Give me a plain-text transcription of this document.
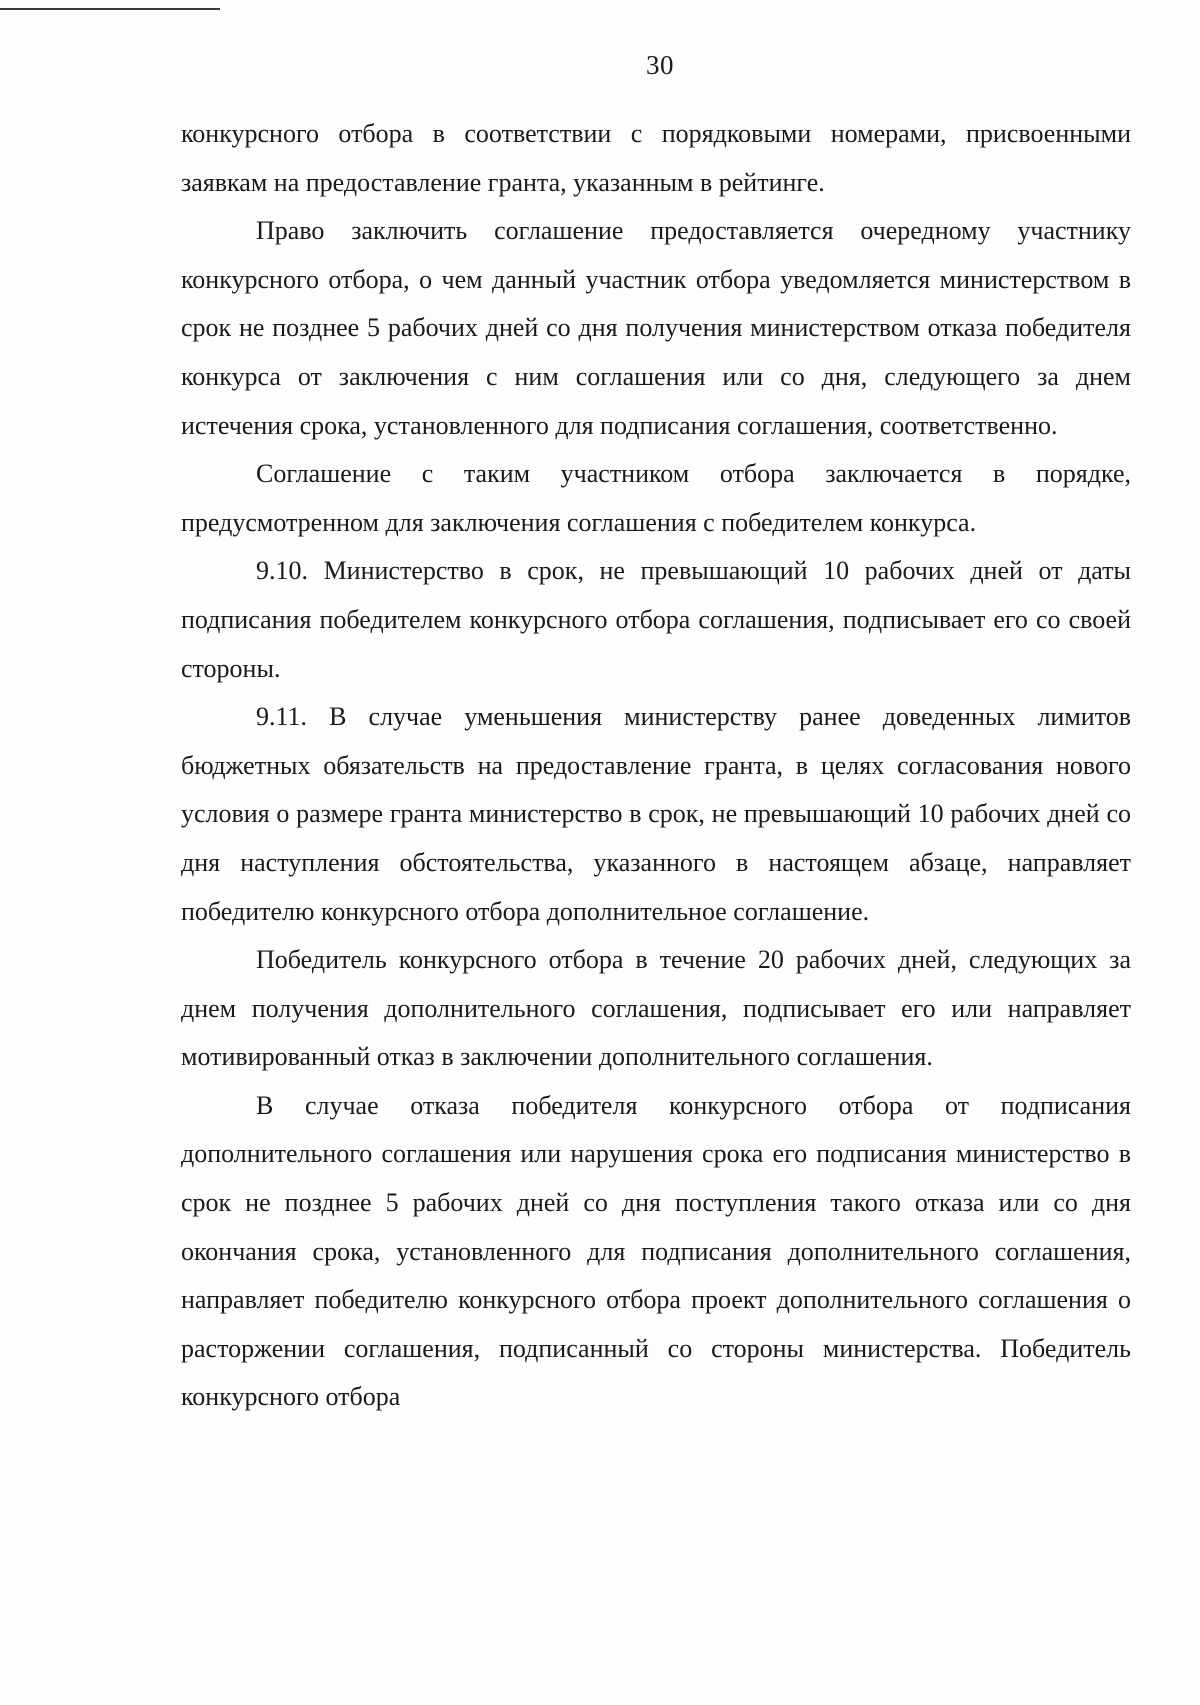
30

конкурсного отбора в соответствии с порядковыми номерами, присвоенными заявкам на предоставление гранта, указанным в рейтинге.

Право заключить соглашение предоставляется очередному участнику конкурсного отбора, о чем данный участник отбора уведомляется министерством в срок не позднее 5 рабочих дней со дня получения министерством отказа победителя конкурса от заключения с ним соглашения или со дня, следующего за днем истечения срока, установленного для подписания соглашения, соответственно.

Соглашение с таким участником отбора заключается в порядке, предусмотренном для заключения соглашения с победителем конкурса.

9.10. Министерство в срок, не превышающий 10 рабочих дней от даты подписания победителем конкурсного отбора соглашения, подписывает его со своей стороны.

9.11. В случае уменьшения министерству ранее доведенных лимитов бюджетных обязательств на предоставление гранта, в целях согласования нового условия о размере гранта министерство в срок, не превышающий 10 рабочих дней со дня наступления обстоятельства, указанного в настоящем абзаце, направляет победителю конкурсного отбора дополнительное соглашение.

Победитель конкурсного отбора в течение 20 рабочих дней, следующих за днем получения дополнительного соглашения, подписывает его или направляет мотивированный отказ в заключении дополнительного соглашения.

В случае отказа победителя конкурсного отбора от подписания дополнительного соглашения или нарушения срока его подписания министерство в срок не позднее 5 рабочих дней со дня поступления такого отказа или со дня окончания срока, установленного для подписания дополнительного соглашения, направляет победителю конкурсного отбора проект дополнительного соглашения о расторжении соглашения, подписанный со стороны министерства. Победитель конкурсного отбора
